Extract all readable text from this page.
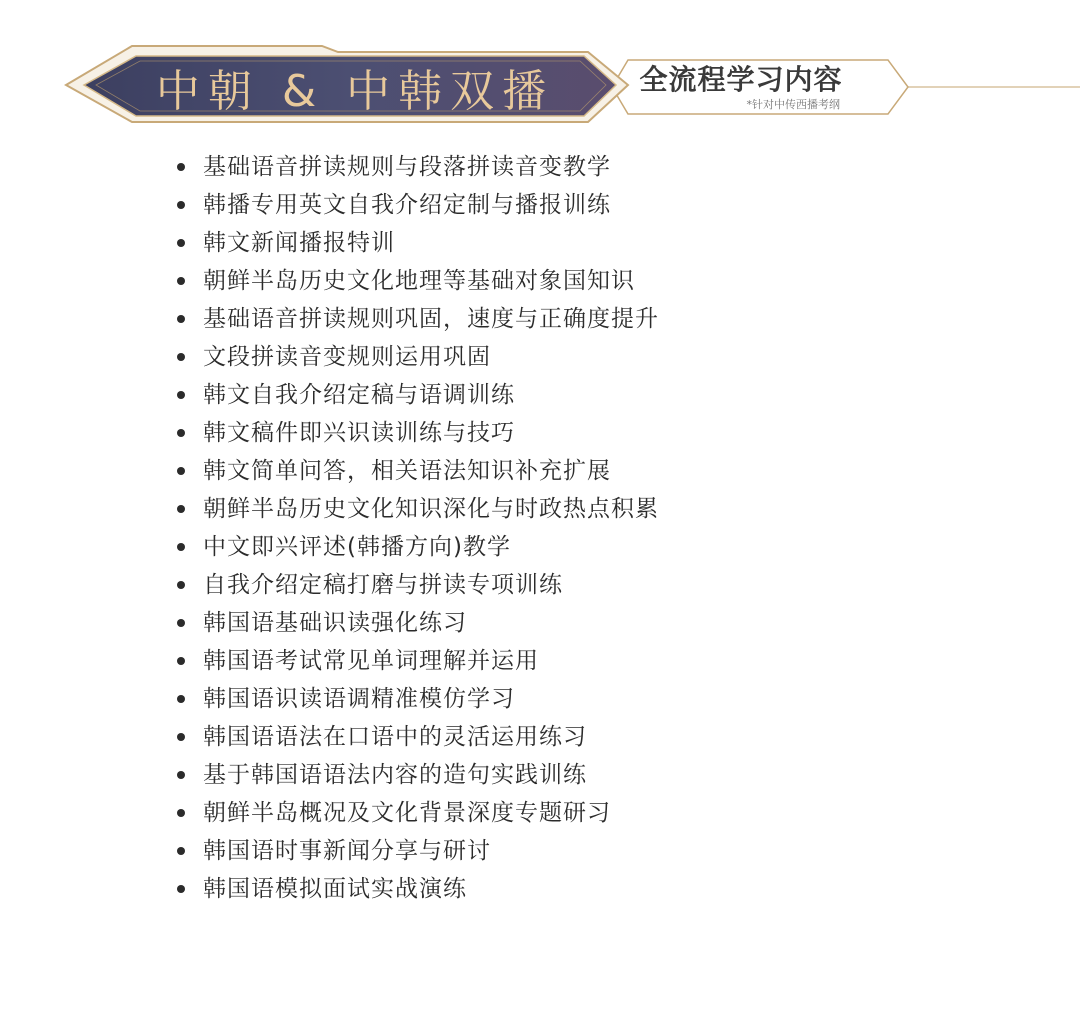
中朝 & 中韩双播	全流程学习内容
*针对中传西播考纲
基础语音拼读规则与段落拼读音变教学
韩播专用英文自我介绍定制与播报训练
韩文新闻播报特训
朝鲜半岛历史文化地理等基础对象国知识
基础语音拼读规则巩固，速度与正确度提升
文段拼读音变规则运用巩固
韩文自我介绍定稿与语调训练
韩文稿件即兴识读训练与技巧
韩文简单问答，相关语法知识补充扩展
朝鲜半岛历史文化知识深化与时政热点积累
中文即兴评述(韩播方向)教学
自我介绍定稿打磨与拼读专项训练
韩国语基础识读强化练习
韩国语考试常见单词理解并运用
韩国语识读语调精准模仿学习
韩国语语法在口语中的灵活运用练习
基于韩国语语法内容的造句实践训练
朝鲜半岛概况及文化背景深度专题研习
韩国语时事新闻分享与研讨
韩国语模拟面试实战演练
